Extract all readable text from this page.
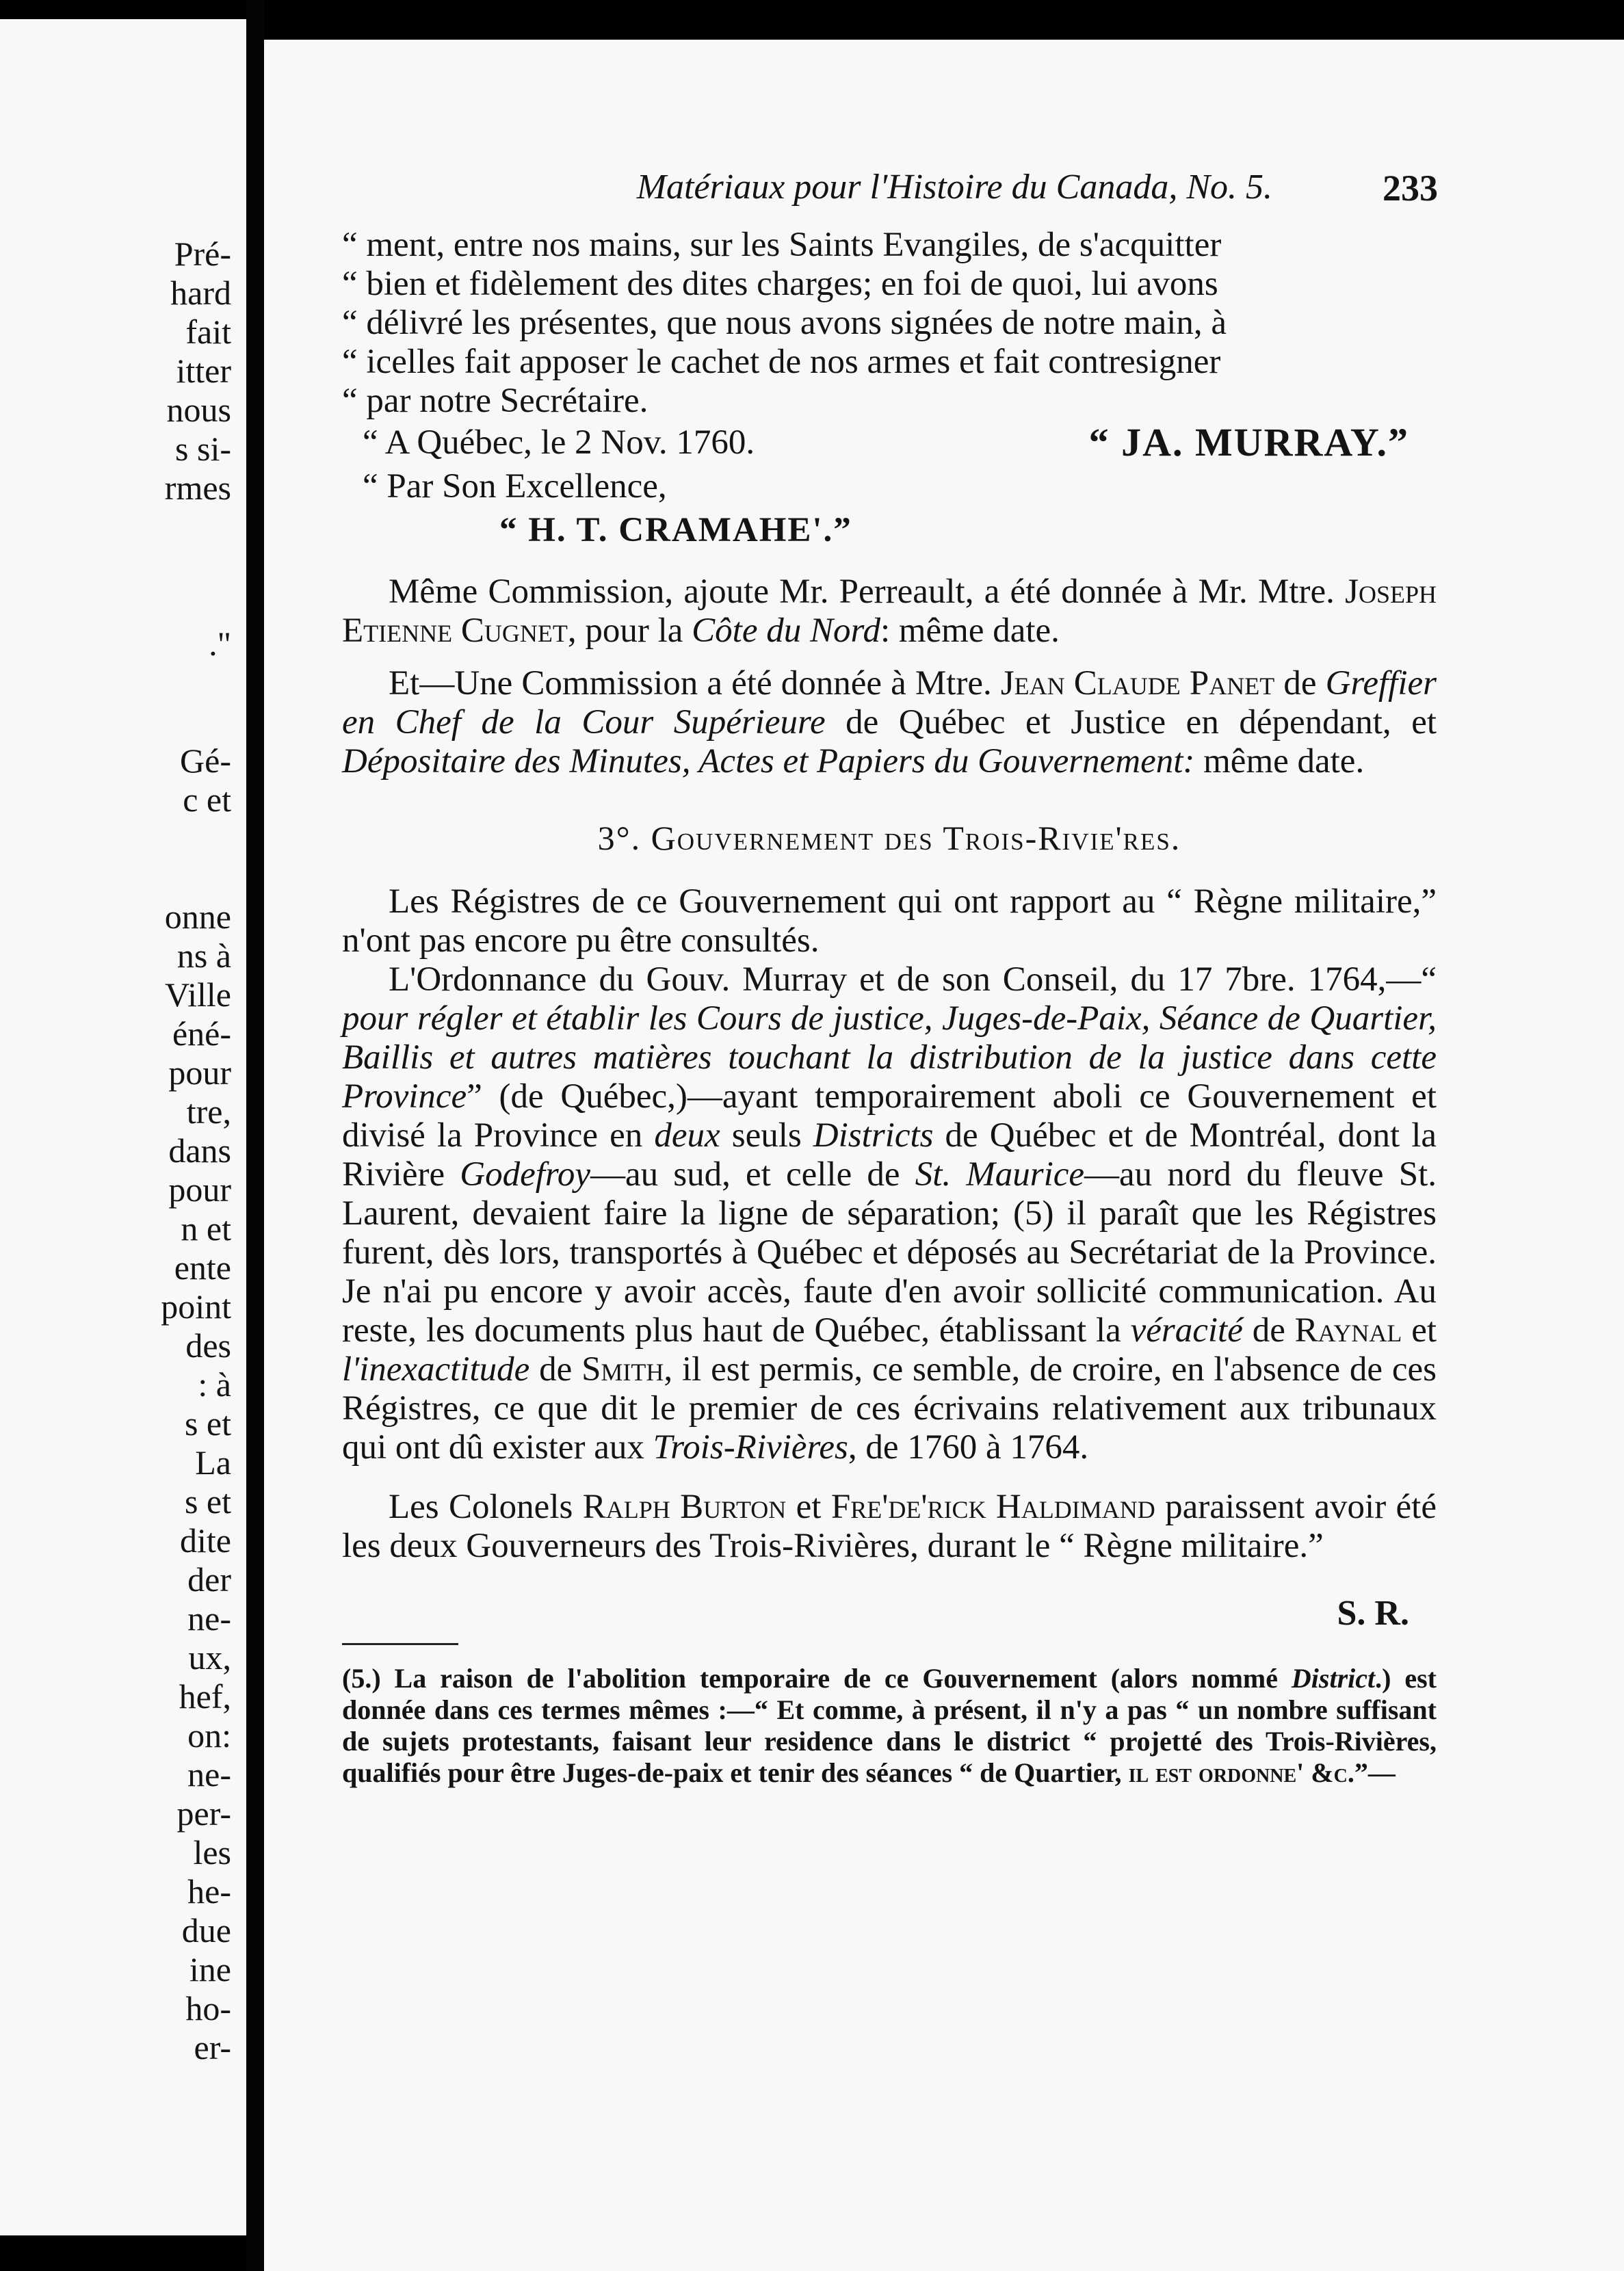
Pré-

hard

fait

itter

nous

s si-

rmes

."

Gé-

c et

onne

ns à

Ville

éné-

pour

tre,

dans

pour

n et

ente

point

des

: à

s et

La

s et

dite

der

ne-

ux,

hef,

on:

ne-

per-

les

he-

due

ine

ho-

er-

Matériaux pour l'Histoire du Canada, No. 5.	233

“ ment, entre nos mains, sur les Saints Evangiles, de s'acquitter

“ bien et fidèlement des dites charges; en foi de quoi, lui avons

“ délivré les présentes, que nous avons signées de notre main, à

“ icelles fait apposer le cachet de nos armes et fait contresigner

“ par notre Secrétaire.

“ A Québec, le 2 Nov. 1760.	“ JA. MURRAY.”
“ Par Son Excellence,
“ H. T. CRAMAHE'.”

Même Commission, ajoute Mr. Perreault, a été donnée à Mr. Mtre. Joseph Etienne Cugnet, pour la Côte du Nord: même date.

Et—Une Commission a été donnée à Mtre. Jean Claude Panet de Greffier en Chef de la Cour Supérieure de Québec et Justice en dépendant, et Dépositaire des Minutes, Actes et Papiers du Gouvernement: même date.

3°. Gouvernement des Trois-Rivie'res.

Les Régistres de ce Gouvernement qui ont rapport au “ Règne militaire,” n'ont pas encore pu être consultés.

L'Ordonnance du Gouv. Murray et de son Conseil, du 17 7bre. 1764,—“ pour régler et établir les Cours de justice, Juges-de-Paix, Séance de Quartier, Baillis et autres matières touchant la distribution de la justice dans cette Province” (de Québec,)—ayant temporairement aboli ce Gouvernement et divisé la Province en deux seuls Districts de Québec et de Montréal, dont la Rivière Godefroy—au sud, et celle de St. Maurice—au nord du fleuve St. Laurent, devaient faire la ligne de séparation; (5) il paraît que les Régistres furent, dès lors, transportés à Québec et déposés au Secrétariat de la Province. Je n'ai pu encore y avoir accès, faute d'en avoir sollicité communication. Au reste, les documents plus haut de Québec, établissant la véracité de Raynal et l'inexactitude de Smith, il est permis, ce semble, de croire, en l'absence de ces Régistres, ce que dit le premier de ces écrivains relativement aux tribunaux qui ont dû exister aux Trois-Rivières, de 1760 à 1764.

Les Colonels Ralph Burton et Fre'de'rick Haldimand paraissent avoir été les deux Gouverneurs des Trois-Rivières, durant le “ Règne militaire.”

S. R.

(5.) La raison de l'abolition temporaire de ce Gouvernement (alors nommé District.) est donnée dans ces termes mêmes :—“ Et comme, à présent, il n'y a pas “ un nombre suffisant de sujets protestants, faisant leur residence dans le district “ projetté des Trois-Rivières, qualifiés pour être Juges-de-paix et tenir des séances “ de Quartier, il est ordonne' &c.”—
